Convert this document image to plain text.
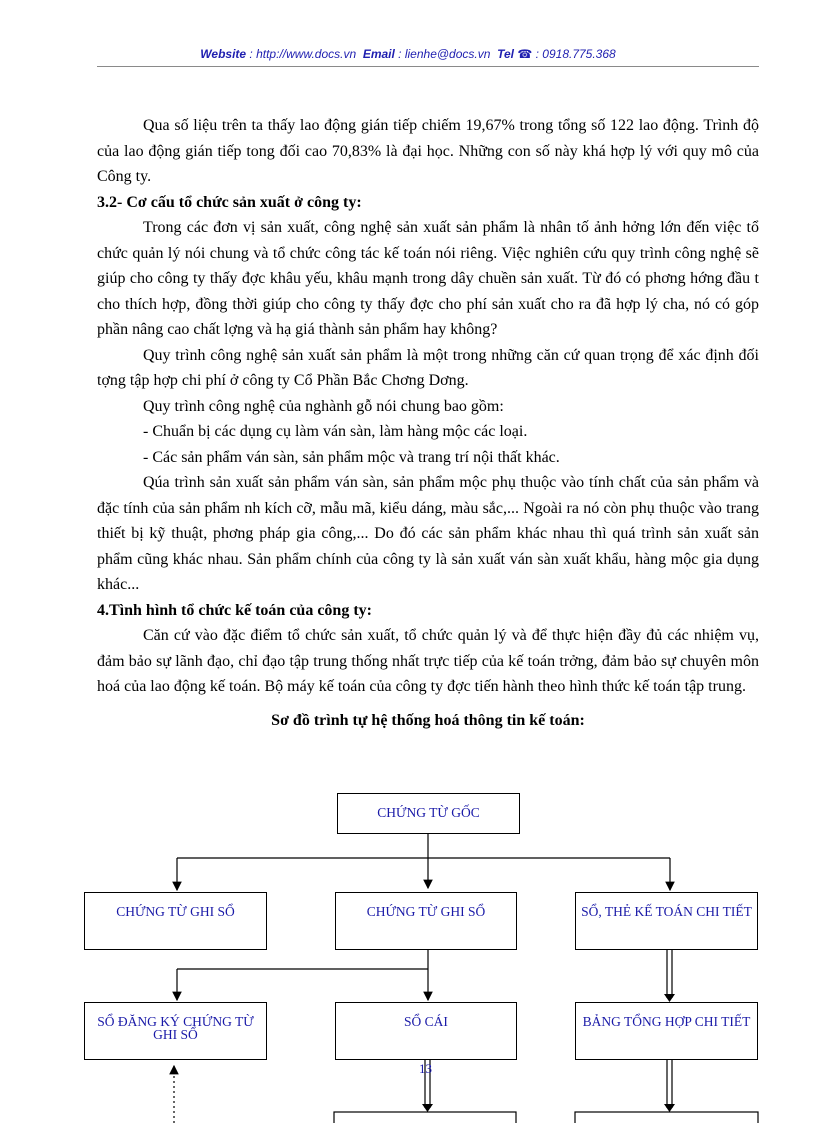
Website : http://www.docs.vn Email : lienhe@docs.vn Tel ☎ : 0918.775.368

Qua số liệu trên ta thấy lao động gián tiếp chiếm 19,67% trong tổng số 122 lao động. Trình độ của lao động gián tiếp tong đối cao 70,83% là đại học. Những con số này khá hợp lý với quy mô của Công ty.

3.2- Cơ cấu tổ chức sản xuất ở công ty:

Trong các đơn vị sản xuất, công nghệ sản xuất sản phẩm là nhân tố ảnh hởng lớn đến việc tổ chức quản lý nói chung và tổ chức công tác kế toán nói riêng. Việc nghiên cứu quy trình công nghệ sẽ giúp cho công ty thấy đợc khâu yếu, khâu mạnh trong dây chuền sản xuất. Từ đó có phơng hớng đầu t cho thích hợp, đồng thời giúp cho công ty thấy đợc cho phí sản xuất cho ra đã hợp lý cha, nó có góp phần nâng cao chất lợng và hạ giá thành sản phẩm hay không?

Quy trình công nghệ sản xuất sản phẩm là một trong những căn cứ quan trọng để xác định đối tợng tập hợp chi phí ở công ty Cổ Phần Bắc Chơng Dơng.

Quy trình công nghệ của nghành gỗ nói chung bao gồm:

- Chuẩn bị các dụng cụ làm ván sàn, làm hàng mộc các loại.

- Các sản phẩm ván sàn, sản phẩm mộc và trang trí nội thất khác.

Qúa trình sản xuất sản phẩm ván sàn, sản phẩm mộc phụ thuộc vào tính chất của sản phẩm và đặc tính của sản phẩm nh kích cỡ, mẫu mã, kiểu dáng, màu sắc,... Ngoài ra nó còn phụ thuộc vào trang thiết bị kỹ thuật, phơng pháp gia công,... Do đó các sản phẩm khác nhau thì quá trình sản xuất sản phẩm cũng khác nhau. Sản phẩm chính của công ty là sản xuất ván sàn xuất khẩu, hàng mộc gia dụng khác...

4.Tình hình tổ chức kế toán của công ty:

Căn cứ vào đặc điểm tổ chức sản xuất, tổ chức quản lý và để thực hiện đầy đủ các nhiệm vụ, đảm bảo sự lãnh đạo, chỉ đạo tập trung thống nhất trực tiếp của kế toán trởng, đảm bảo sự chuyên môn hoá của lao động kế toán. Bộ máy kế toán của công ty đợc tiến hành theo hình thức kế toán tập trung.

Sơ đồ trình tự hệ thống hoá thông tin kế toán:

CHỨNG TỪ GỐC
CHỨNG TỪ GHI SỔ	CHỨNG TỪ GHI SỔ	SỔ, THẺ KẾ TOÁN CHI TIẾT
SỔ ĐĂNG KÝ CHỨNG TỪ GHI SỔ
SỔ CÁI	BẢNG TỔNG HỢP CHI TIẾT
13
